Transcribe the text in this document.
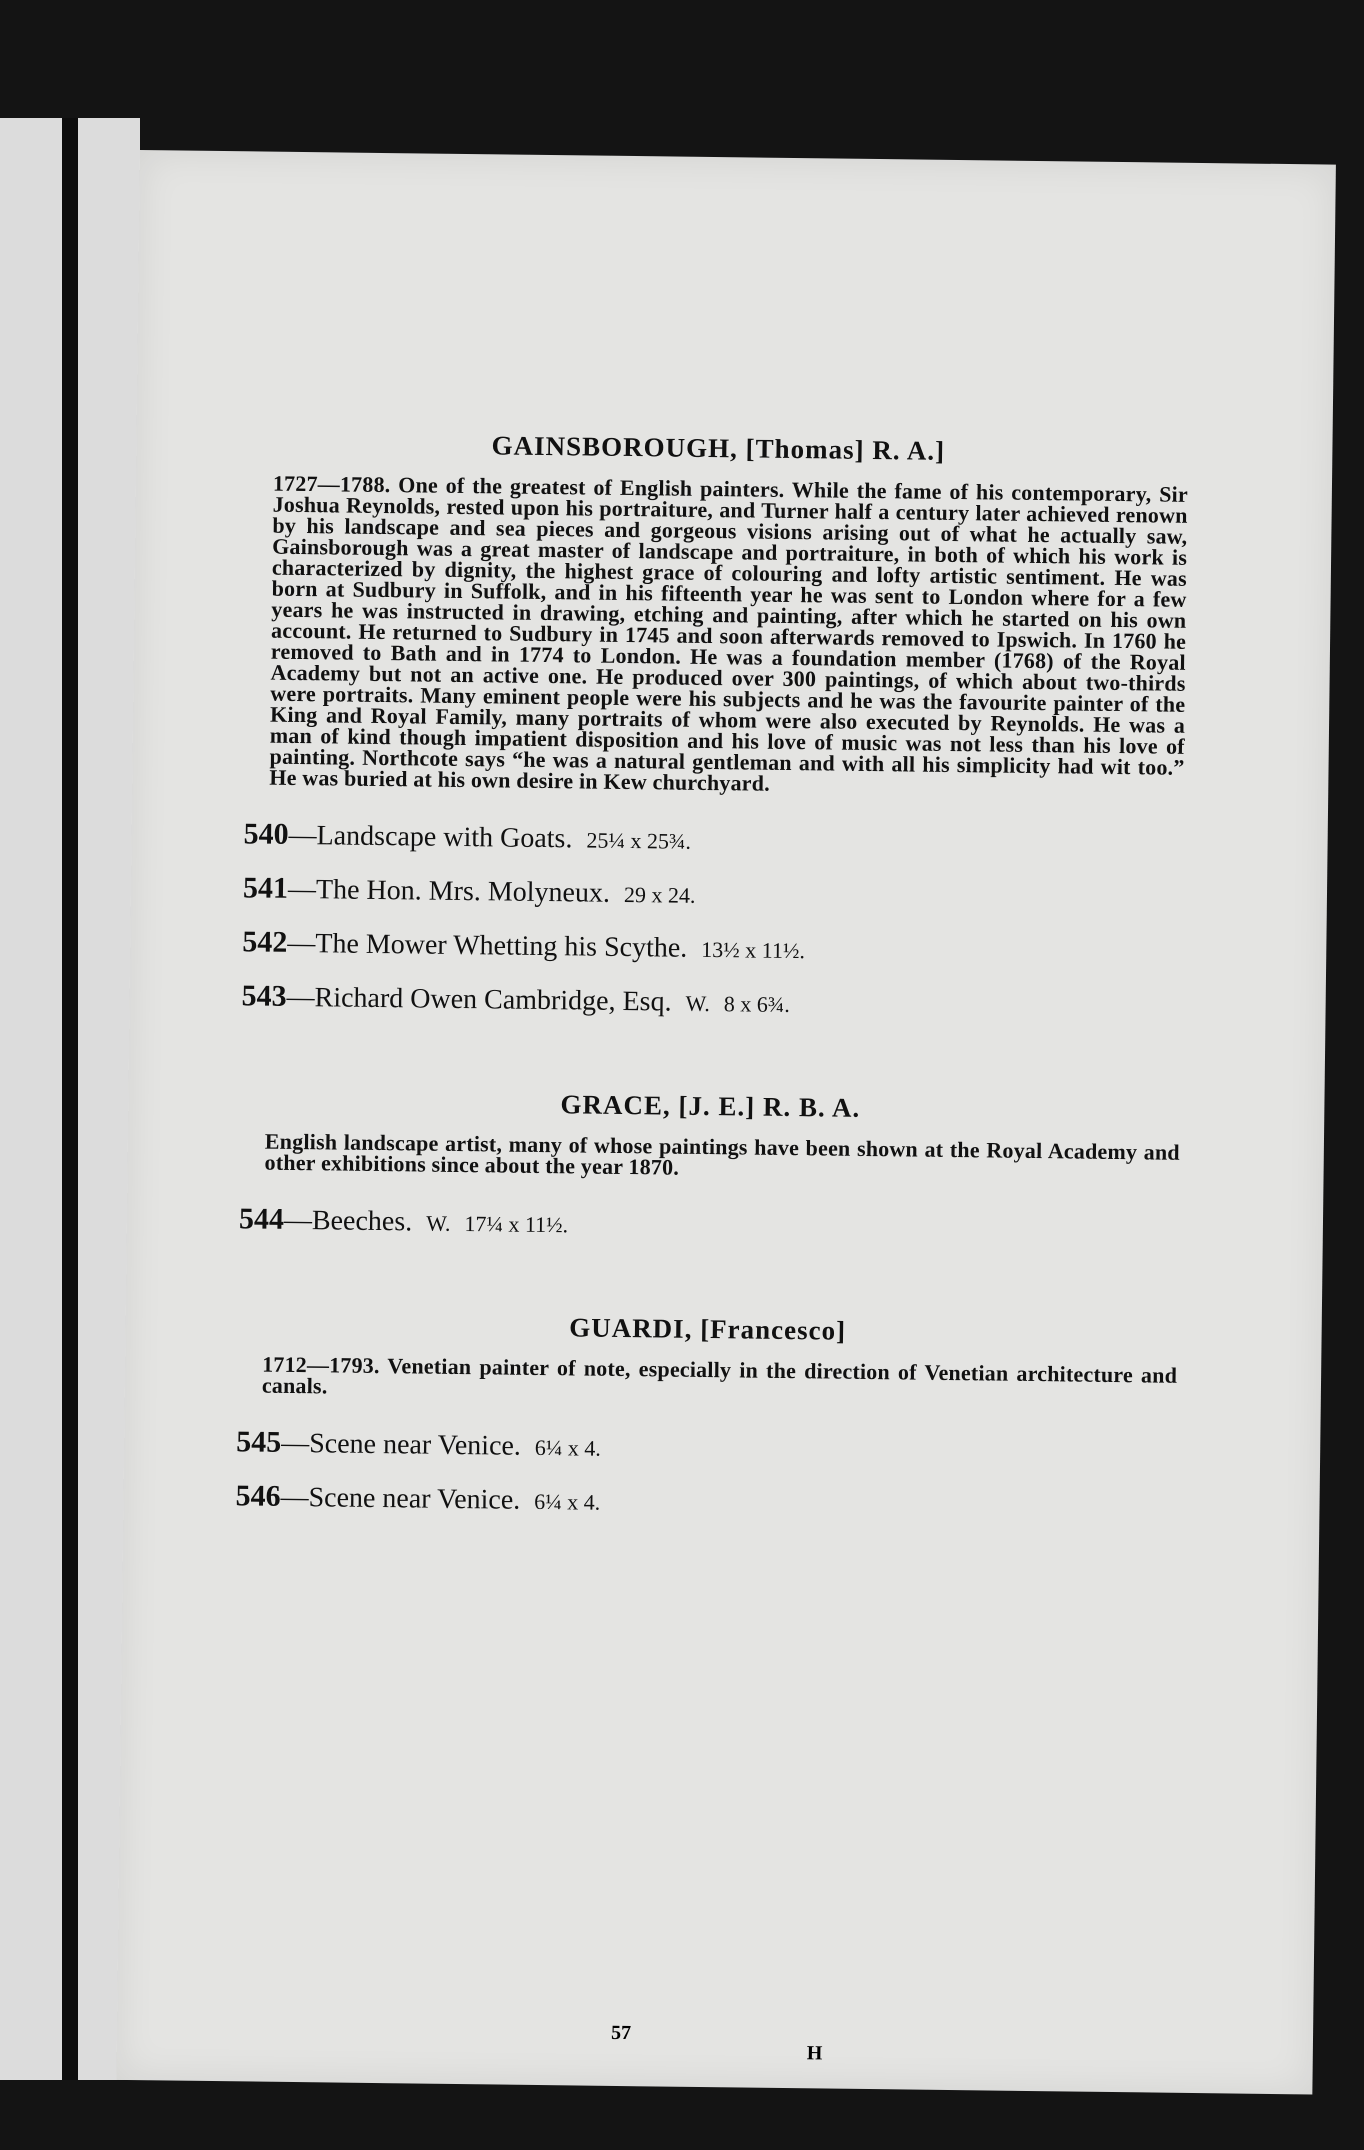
GAINSBOROUGH, [Thomas] R. A.]

1727—1788. One of the greatest of English painters. While the fame of his contemporary, Sir Joshua Reynolds, rested upon his portraiture, and Turner half a century later achieved renown by his landscape and sea pieces and gorgeous visions arising out of what he actually saw, Gainsborough was a great master of landscape and portraiture, in both of which his work is characterized by dignity, the highest grace of colouring and lofty artistic sentiment. He was born at Sudbury in Suffolk, and in his fifteenth year he was sent to London where for a few years he was instructed in drawing, etching and painting, after which he started on his own account. He returned to Sudbury in 1745 and soon afterwards removed to Ipswich. In 1760 he removed to Bath and in 1774 to London. He was a foundation member (1768) of the Royal Academy but not an active one. He produced over 300 paintings, of which about two-thirds were portraits. Many eminent people were his subjects and he was the favourite painter of the King and Royal Family, many portraits of whom were also executed by Reynolds. He was a man of kind though impatient disposition and his love of music was not less than his love of painting. Northcote says “he was a natural gentleman and with all his simplicity had wit too.” He was buried at his own desire in Kew churchyard.

540—Landscape with Goats. 25¼ x 25¾.
541—The Hon. Mrs. Molyneux. 29 x 24.
542—The Mower Whetting his Scythe. 13½ x 11½.
543—Richard Owen Cambridge, Esq. W. 8 x 6¾.
GRACE, [J. E.] R. B. A.

English landscape artist, many of whose paintings have been shown at the Royal Academy and other exhibitions since about the year 1870.

544—Beeches. W. 17¼ x 11½.
GUARDI, [Francesco]

1712—1793. Venetian painter of note, especially in the direction of Venetian architecture and canals.

545—Scene near Venice. 6¼ x 4.
546—Scene near Venice. 6¼ x 4.
57
H
